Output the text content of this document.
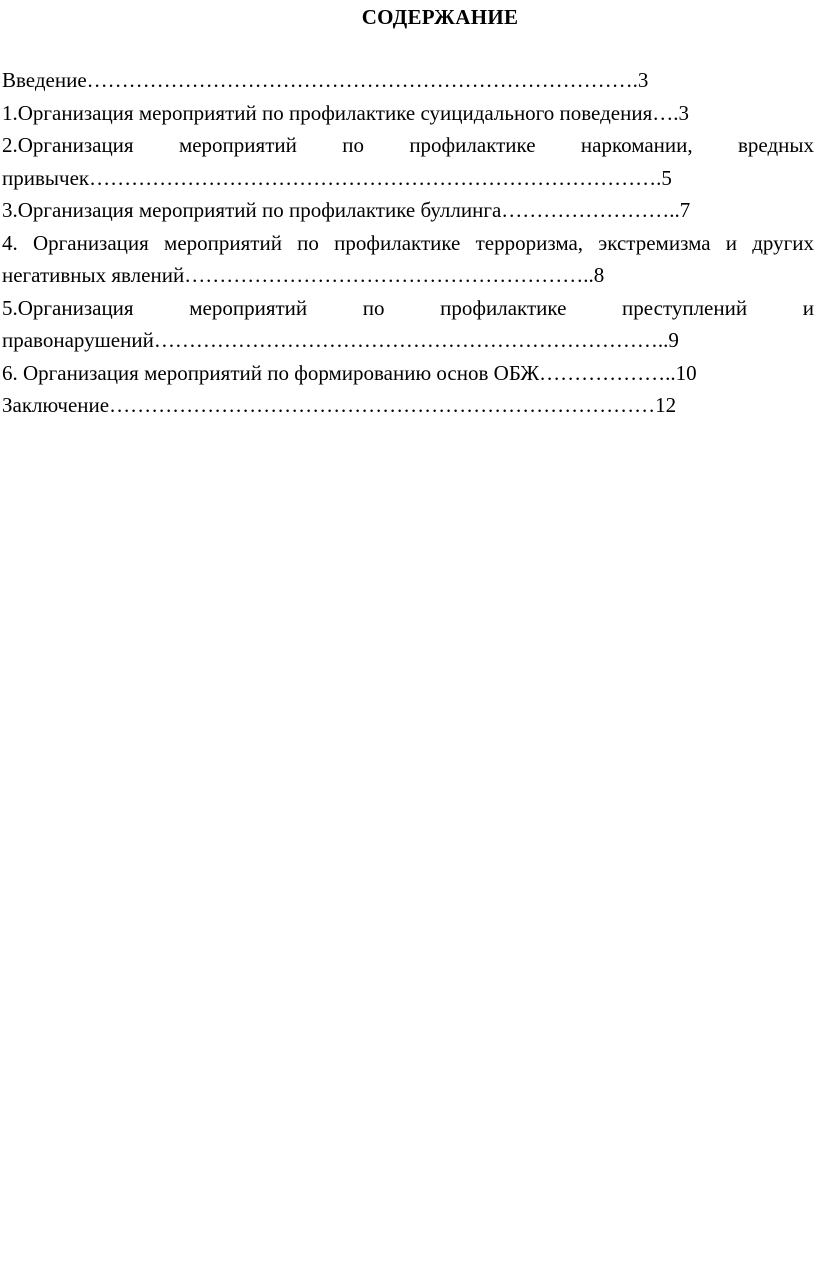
СОДЕРЖАНИЕ

Введение…………………………………………………………………….3

1.Организация мероприятий по профилактике суицидального поведения….3

2.Организация мероприятий по профилактике наркомании, вредных привычек……………………………………………………………………….5

3.Организация мероприятий по профилактике буллинга……………………..7

4. Организация мероприятий по профилактике терроризма, экстремизма и других негативных явлений…………………………………………………..8

5.Организация мероприятий по профилактике преступлений и правонарушений………………………………………………………………..9

6. Организация мероприятий по формированию основ ОБЖ………………..10

Заключение……………………………………………………………………12
